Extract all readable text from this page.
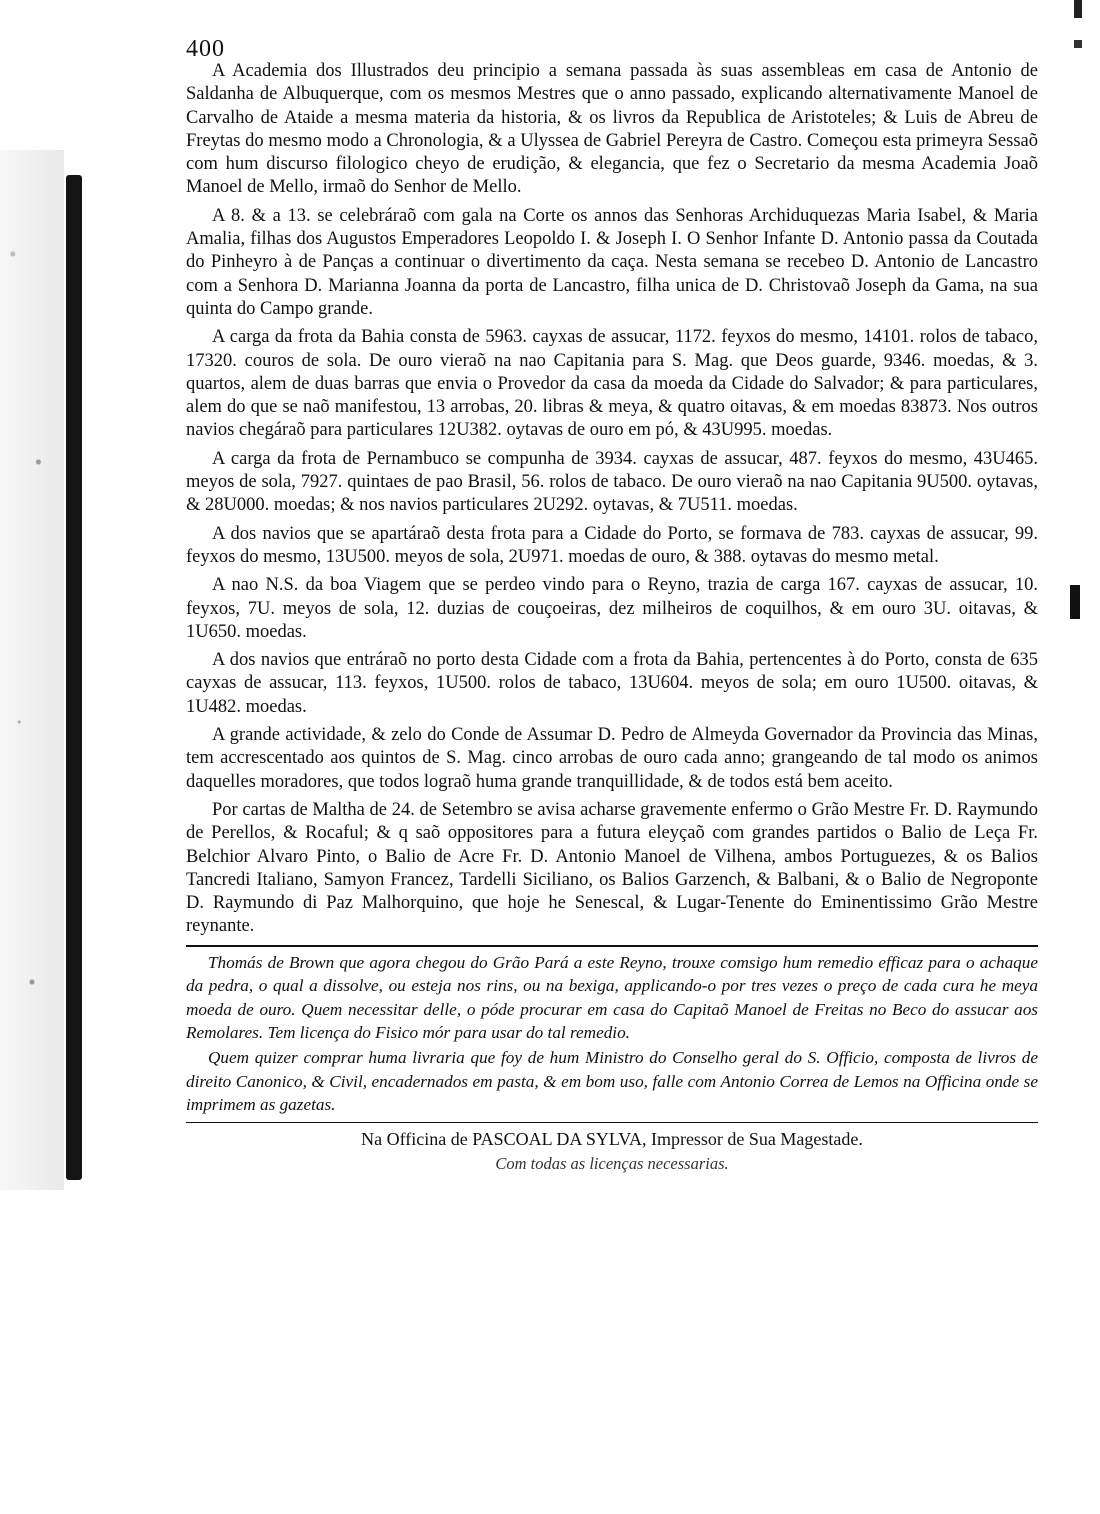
400

A Academia dos Illustrados deu principio a semana passada às suas assembleas em casa de Antonio de Saldanha de Albuquerque, com os mesmos Mestres que o anno passado, explicando alternativamente Manoel de Carvalho de Ataide a mesma materia da historia, & os livros da Republica de Aristoteles; & Luis de Abreu de Freytas do mesmo modo a Chronologia, & a Ulyssea de Gabriel Pereyra de Castro. Começou esta primeyra Sessaõ com hum discurso filologico cheyo de erudição, & elegancia, que fez o Secretario da mesma Academia Joaõ Manoel de Mello, irmaõ do Senhor de Mello.

A 8. & a 13. se celebráraõ com gala na Corte os annos das Senhoras Archiduquezas Maria Isabel, & Maria Amalia, filhas dos Augustos Emperadores Leopoldo I. & Joseph I. O Senhor Infante D. Antonio passa da Coutada do Pinheyro à de Panças a continuar o divertimento da caça. Nesta semana se recebeo D. Antonio de Lancastro com a Senhora D. Marianna Joanna da porta de Lancastro, filha unica de D. Christovaõ Joseph da Gama, na sua quinta do Campo grande.

A carga da frota da Bahia consta de 5963. cayxas de assucar, 1172. feyxos do mesmo, 14101. rolos de tabaco, 17320. couros de sola. De ouro vieraõ na nao Capitania para S. Mag. que Deos guarde, 9346. moedas, & 3. quartos, alem de duas barras que envia o Provedor da casa da moeda da Cidade do Salvador; & para particulares, alem do que se naõ manifestou, 13 arrobas, 20. libras & meya, & quatro oitavas, & em moedas 83873. Nos outros navios chegáraõ para particulares 12U382. oytavas de ouro em pó, & 43U995. moedas.

A carga da frota de Pernambuco se compunha de 3934. cayxas de assucar, 487. feyxos do mesmo, 43U465. meyos de sola, 7927. quintaes de pao Brasil, 56. rolos de tabaco. De ouro vieraõ na nao Capitania 9U500. oytavas, & 28U000. moedas; & nos navios particulares 2U292. oytavas, & 7U511. moedas.

A dos navios que se apartáraõ desta frota para a Cidade do Porto, se formava de 783. cayxas de assucar, 99. feyxos do mesmo, 13U500. meyos de sola, 2U971. moedas de ouro, & 388. oytavas do mesmo metal.

A nao N.S. da boa Viagem que se perdeo vindo para o Reyno, trazia de carga 167. cayxas de assucar, 10. feyxos, 7U. meyos de sola, 12. duzias de couçoeiras, dez milheiros de coquilhos, & em ouro 3U. oitavas, & 1U650. moedas.

A dos navios que entráraõ no porto desta Cidade com a frota da Bahia, pertencentes à do Porto, consta de 635 cayxas de assucar, 113. feyxos, 1U500. rolos de tabaco, 13U604. meyos de sola; em ouro 1U500. oitavas, & 1U482. moedas.

A grande actividade, & zelo do Conde de Assumar D. Pedro de Almeyda Governador da Provincia das Minas, tem accrescentado aos quintos de S. Mag. cinco arrobas de ouro cada anno; grangeando de tal modo os animos daquelles moradores, que todos lograõ huma grande tranquillidade, & de todos está bem aceito.

Por cartas de Maltha de 24. de Setembro se avisa acharse gravemente enfermo o Grão Mestre Fr. D. Raymundo de Perellos, & Rocaful; & q saõ oppositores para a futura eleyçaõ com grandes partidos o Balio de Leça Fr. Belchior Alvaro Pinto, o Balio de Acre Fr. D. Antonio Manoel de Vilhena, ambos Portuguezes, & os Balios Tancredi Italiano, Samyon Francez, Tardelli Siciliano, os Balios Garzench, & Balbani, & o Balio de Negroponte D. Raymundo di Paz Malhorquino, que hoje he Senescal, & Lugar-Tenente do Eminentissimo Grão Mestre reynante.

Thomás de Brown que agora chegou do Grão Pará a este Reyno, trouxe comsigo hum remedio efficaz para o achaque da pedra, o qual a dissolve, ou esteja nos rins, ou na bexiga, applicando-o por tres vezes o preço de cada cura he meya moeda de ouro. Quem necessitar delle, o póde procurar em casa do Capitaõ Manoel de Freitas no Beco do assucar aos Remolares. Tem licença do Fisico mór para usar do tal remedio.

Quem quizer comprar huma livraria que foy de hum Ministro do Conselho geral do S. Officio, composta de livros de direito Canonico, & Civil, encadernados em pasta, & em bom uso, falle com Antonio Correa de Lemos na Officina onde se imprimem as gazetas.

Na Officina de PASCOAL DA SYLVA, Impressor de Sua Magestade.

Com todas as licenças necessarias.
